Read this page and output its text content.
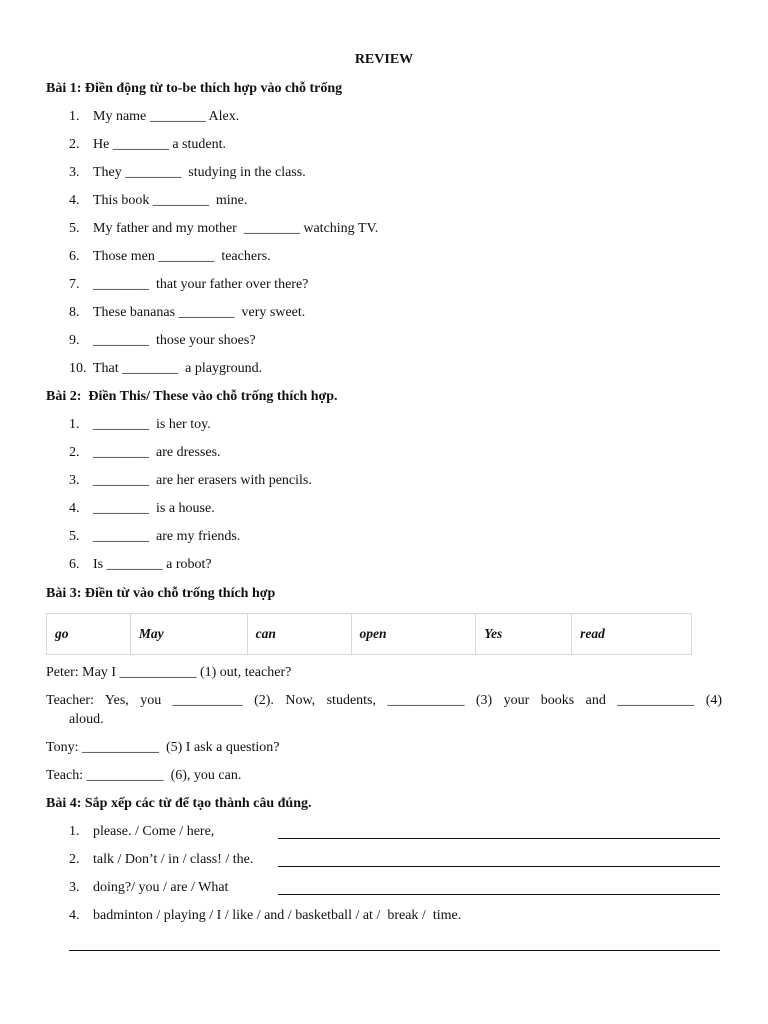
REVIEW
Bài 1: Điền động từ to-be thích hợp vào chỗ trống
1. My name ________ Alex.
2. He ________ a student.
3. They ________  studying in the class.
4. This book ________  mine.
5. My father and my mother  ________ watching TV.
6. Those men ________  teachers.
7. ________  that your father over there?
8. These bananas ________  very sweet.
9. ________  those your shoes?
10. That ________  a playground.
Bài 2:  Điền This/ These vào chỗ trống thích hợp.
1. ________  is her toy.
2. ________  are dresses.
3. ________  are her erasers with pencils.
4. ________  is a house.
5. ________  are my friends.
6. Is ________ a robot?
Bài 3: Điền từ vào chỗ trống thích hợp
go	May	can	open	Yes	read
Peter: May I ___________ (1) out, teacher?
Teacher: Yes, you __________ (2). Now, students, ___________ (3) your books and ___________ (4)
aloud.
Tony: ___________  (5) I ask a question?
Teach: ___________  (6), you can.
Bài 4: Sắp xếp các từ để tạo thành câu đúng.
1. please. / Come / here,
2. talk / Don’t / in / class! / the.
3. doing?/ you / are / What
4. badminton / playing / I / like / and / basketball / at /  break /  time.
